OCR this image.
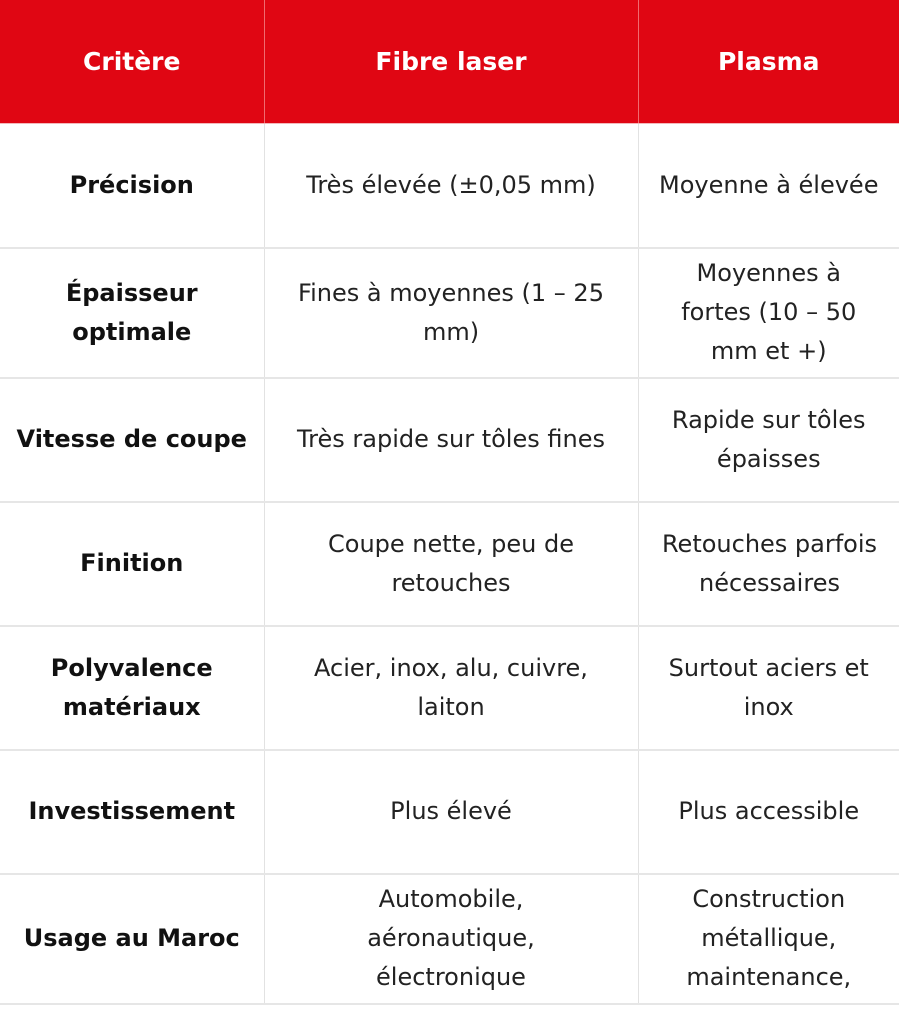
Critère	Fibre laser	Plasma
Précision	Très élevée (±0,05 mm)	Moyenne à élevée
Épaisseur optimale	Fines à moyennes (1 – 25 mm)	Moyennes à fortes (10 – 50 mm et +)
Vitesse de coupe	Très rapide sur tôles fines	Rapide sur tôles épaisses
Finition	Coupe nette, peu de retouches	Retouches parfois nécessaires
Polyvalence matériaux	Acier, inox, alu, cuivre, laiton	Surtout aciers et inox
Investissement	Plus élevé	Plus accessible
Usage au Maroc	Automobile, aéronautique, électronique	Construction métallique, maintenance,
